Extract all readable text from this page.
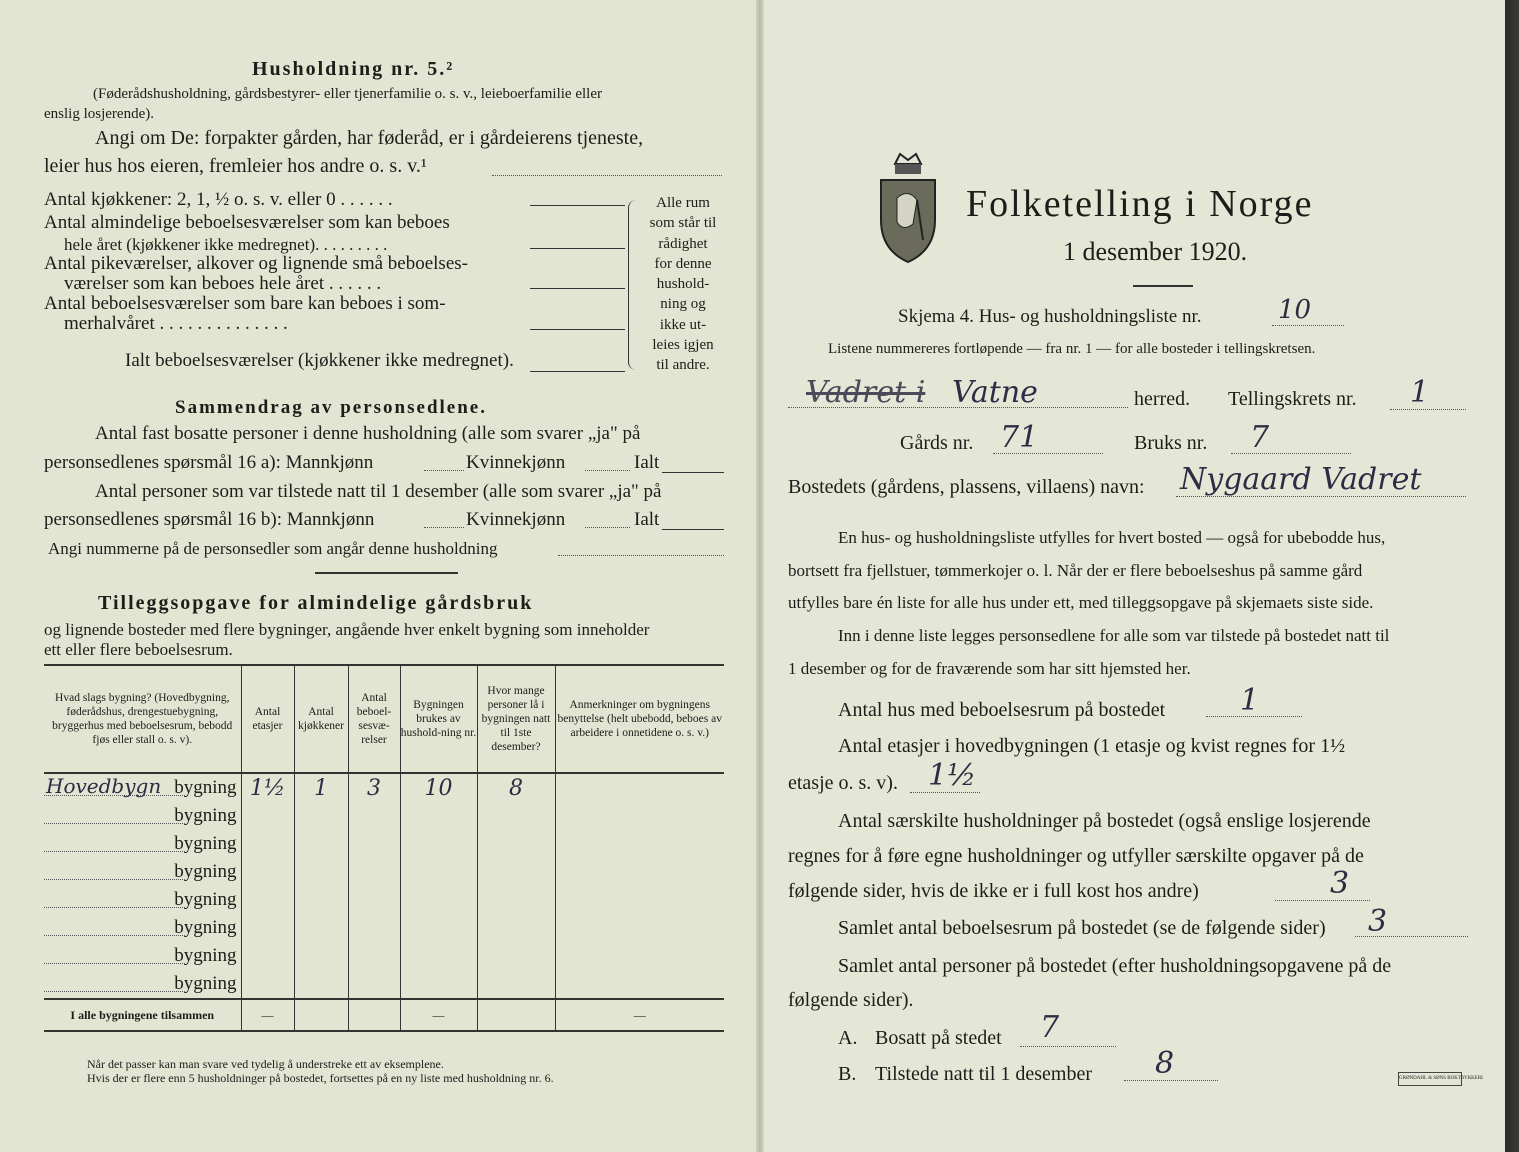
Husholdning nr. 5.²
(Føderådshusholdning, gårdsbestyrer- eller tjenerfamilie o. s. v., leieboerfamilie eller
enslig losjerende).
Angi om De: forpakter gården, har føderåd, er i gårdeierens tjeneste,
leier hus hos eieren, fremleier hos andre o. s. v.¹
Antal kjøkkener: 2, 1, ½ o. s. v. eller 0 . . . . . .
Antal almindelige beboelsesværelser som kan beboes
hele året (kjøkkener ikke medregnet). . . . . . . . .
Antal pikeværelser, alkover og lignende små beboelses-
værelser som kan beboes hele året . . . . . .
Antal beboelsesværelser som bare kan beboes i som-
merhalvåret . . . . . . . . . . . . . .
Ialt beboelsesværelser (kjøkkener ikke medregnet).
Alle rum
som står til
rådighet
for denne
hushold-
ning og
ikke ut-
leies igjen
til andre.
Sammendrag av personsedlene.
Antal fast bosatte personer i denne husholdning (alle som svarer „ja" på
personsedlenes spørsmål 16 a): Mannkjønn	Kvinnekjønn	Ialt
Antal personer som var tilstede natt til 1 desember (alle som svarer „ja" på
personsedlenes spørsmål 16 b): Mannkjønn	Kvinnekjønn	Ialt
Angi nummerne på de personsedler som angår denne husholdning
Tilleggsopgave for almindelige gårdsbruk
og lignende bosteder med flere bygninger, angående hver enkelt bygning som inneholder
ett eller flere beboelsesrum.
Hvad slags bygning? (Hovedbygning, føderådshus, drengestuebygning, bryggerhus med beboelsesrum, bebodd fjøs eller stall o. s. v).	Antal etasjer	Antal kjøkkener	Antal beboel-sesvæ-relser	Bygningen brukes av hushold-ning nr.	Hvor mange personer lå i bygningen natt til 1ste desember?	Anmerkninger om bygningens benyttelse (helt ubebodd, beboes av arbeidere i onnetidene o. s. v.)

Hovedbygn bygning	1½	1	3	10	8	

bygning						

bygning						

bygning						

bygning						

bygning						

bygning						

bygning						
I alle bygningene tilsammen	—			—		—
Når det passer kan man svare ved tydelig å understreke ett av eksemplene.
Hvis der er flere enn 5 husholdninger på bostedet, fortsettes på en ny liste med husholdning nr. 6.
Folketelling i Norge
1 desember 1920.
Skjema 4. Hus- og husholdningsliste nr.	10
Listene nummereres fortløpende — fra nr. 1 — for alle bosteder i tellingskretsen.
Vadret i Vatne	herred. Tellingskrets nr. 1
Gårds nr. 71	Bruks nr. 7
Bostedets (gårdens, plassens, villaens) navn: Nygaard Vadret
En hus- og husholdningsliste utfylles for hvert bosted — også for ubebodde hus,
bortsett fra fjellstuer, tømmerkojer o. l. Når der er flere beboelseshus på samme gård
utfylles bare én liste for alle hus under ett, med tilleggsopgave på skjemaets siste side.
Inn i denne liste legges personsedlene for alle som var tilstede på bostedet natt til
1 desember og for de fraværende som har sitt hjemsted her.
Antal hus med beboelsesrum på bostedet 1
Antal etasjer i hovedbygningen (1 etasje og kvist regnes for 1½
etasje o. s. v). 1½
Antal særskilte husholdninger på bostedet (også enslige losjerende
regnes for å føre egne husholdninger og utfyller særskilte opgaver på de
følgende sider, hvis de ikke er i full kost hos andre)	3
Samlet antal beboelsesrum på bostedet (se de følgende sider) 3
Samlet antal personer på bostedet (efter husholdningsopgavene på de
følgende sider).
A. Bosatt på stedet 7
B. Tilstede natt til 1 desember 8	GRØNDAHL & SØNS BOKTRYKKERI
